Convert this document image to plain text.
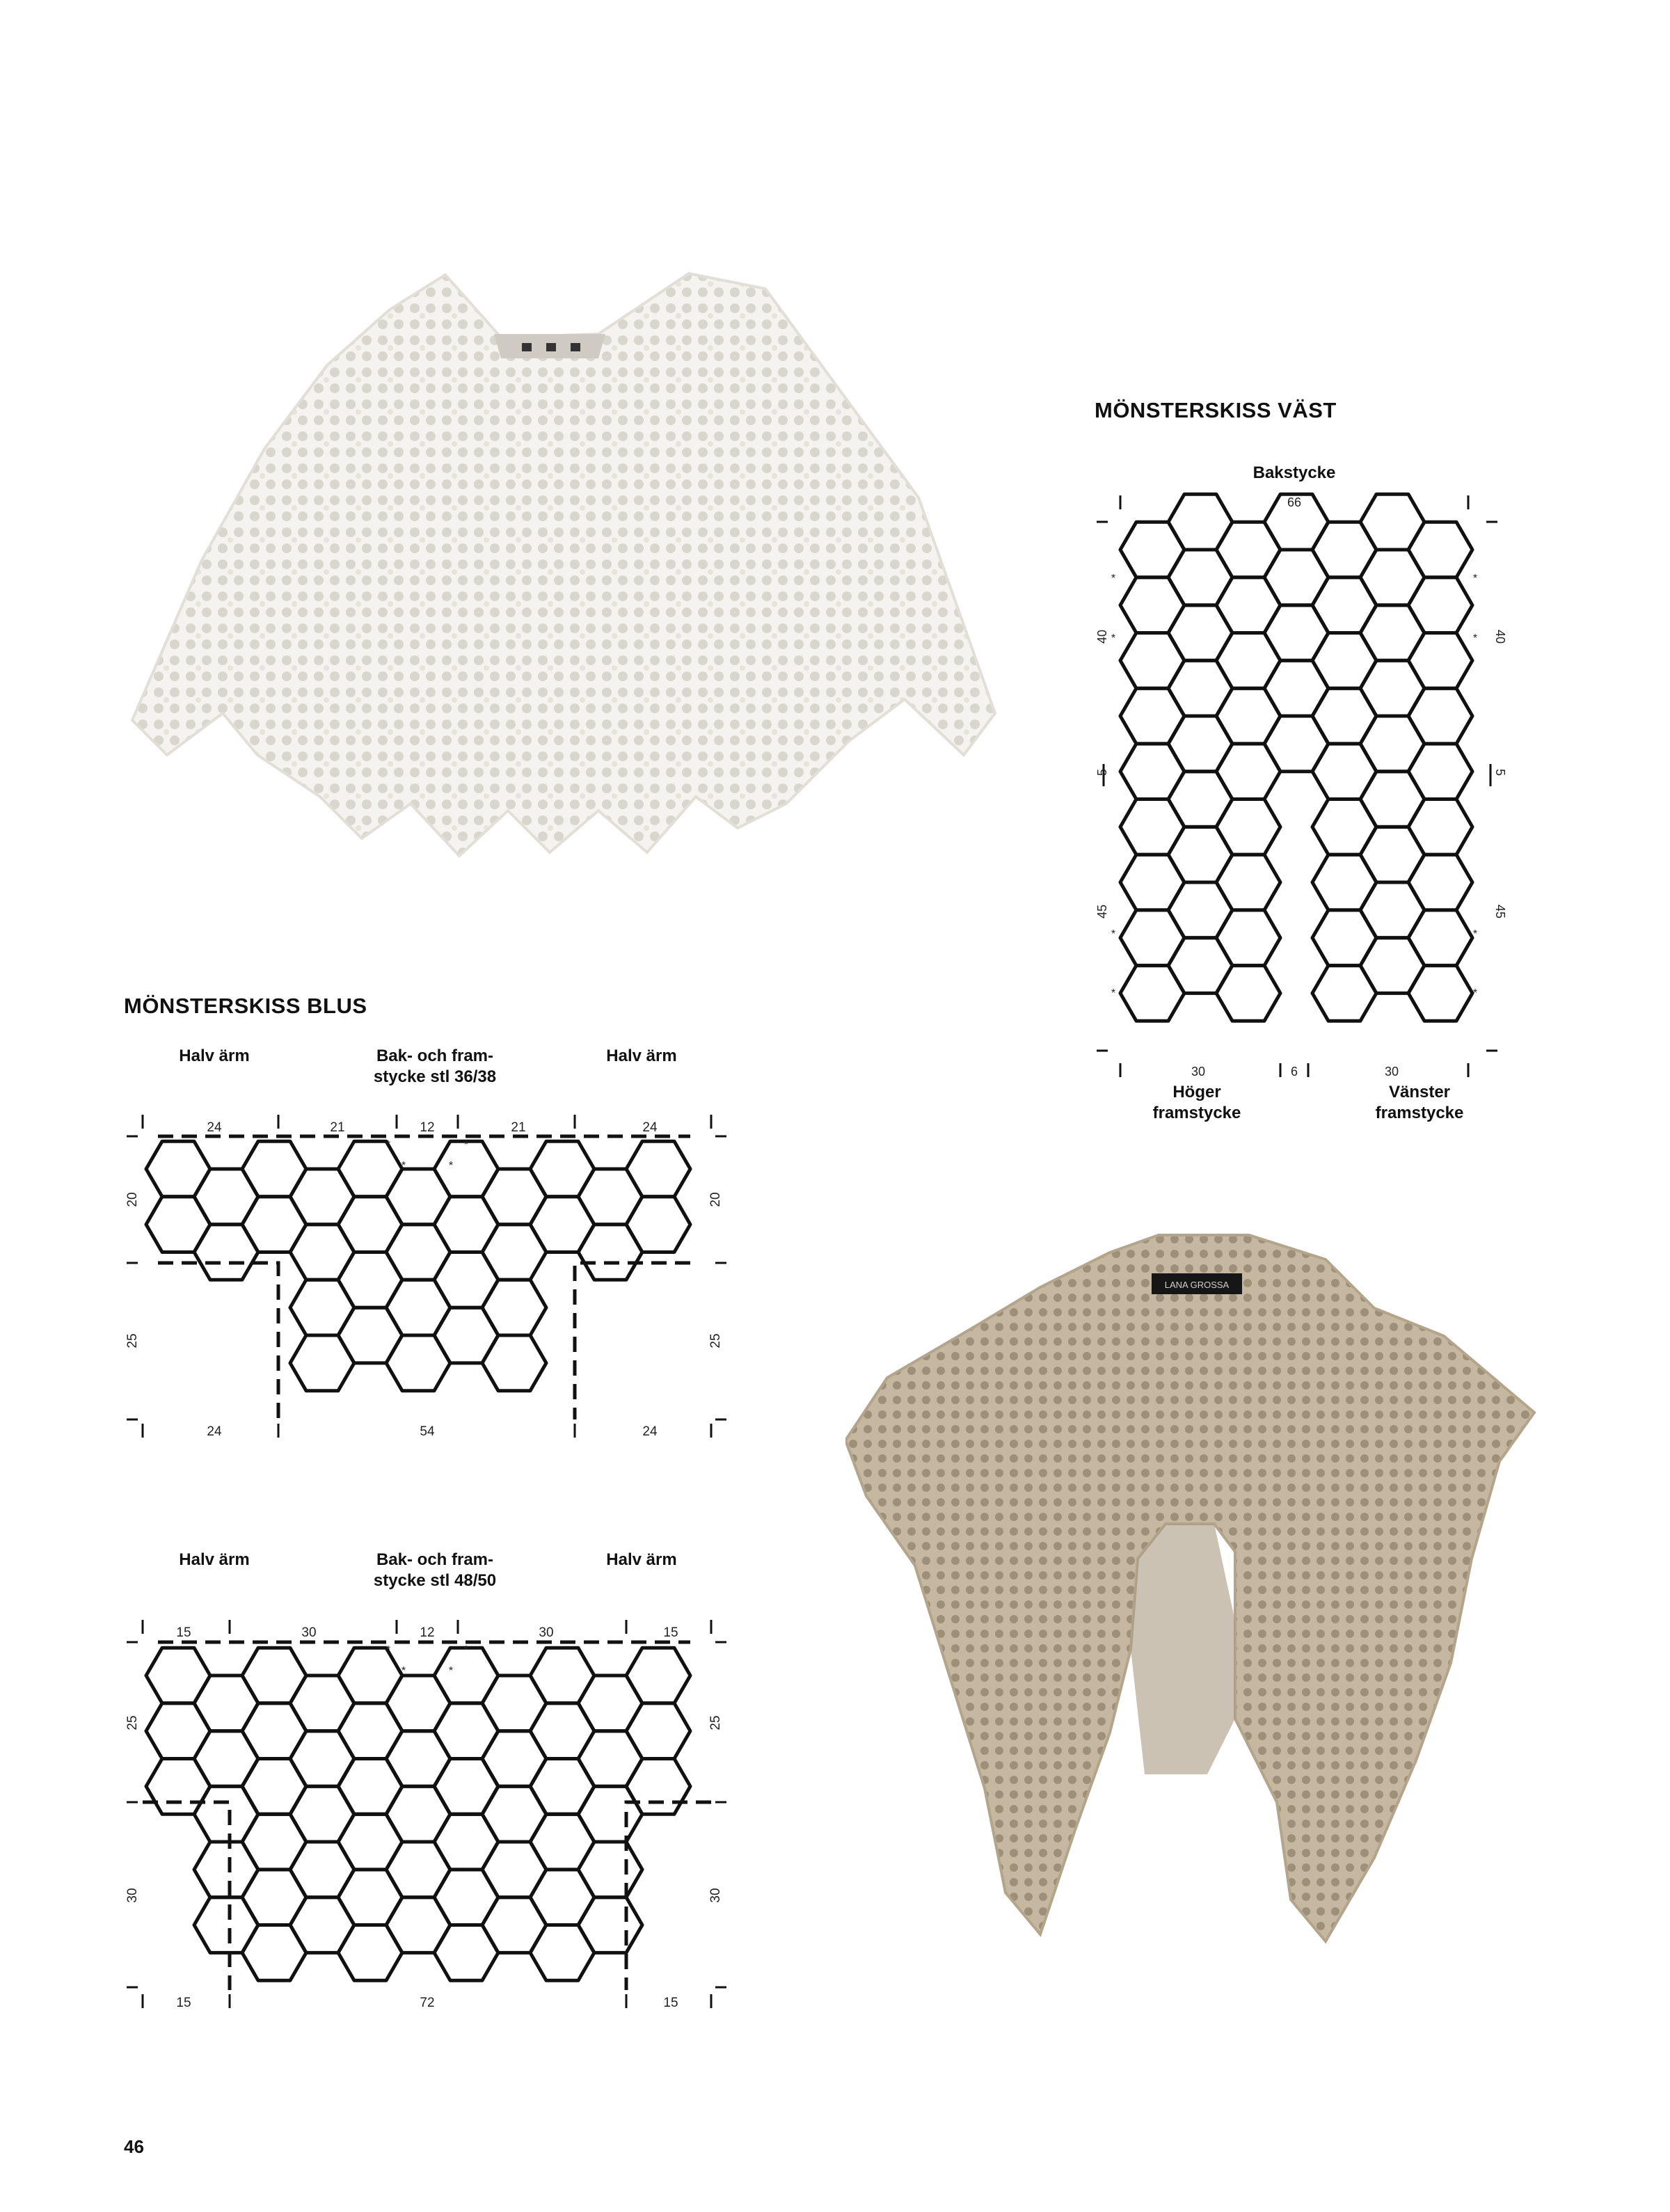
LANA GROSSA
MÖNSTERSKISS VÄST
Bakstycke
66
40
5
45
40
5
45
30	6	30
*
*
*
*
*
*
*
*
Höger
framstycke
Vänster
framstycke
MÖNSTERSKISS BLUS
Halv ärm	Bak- och fram-
stycke stl 36/38
Halv ärm
24	21	12	21	24
20
25
20
25
24	54	24
*
*
*
*
Halv ärm	Bak- och fram-
stycke stl 48/50
Halv ärm
15	30	12	30	15
25
30
25
30
15	72	15
*
*
*
*
46
